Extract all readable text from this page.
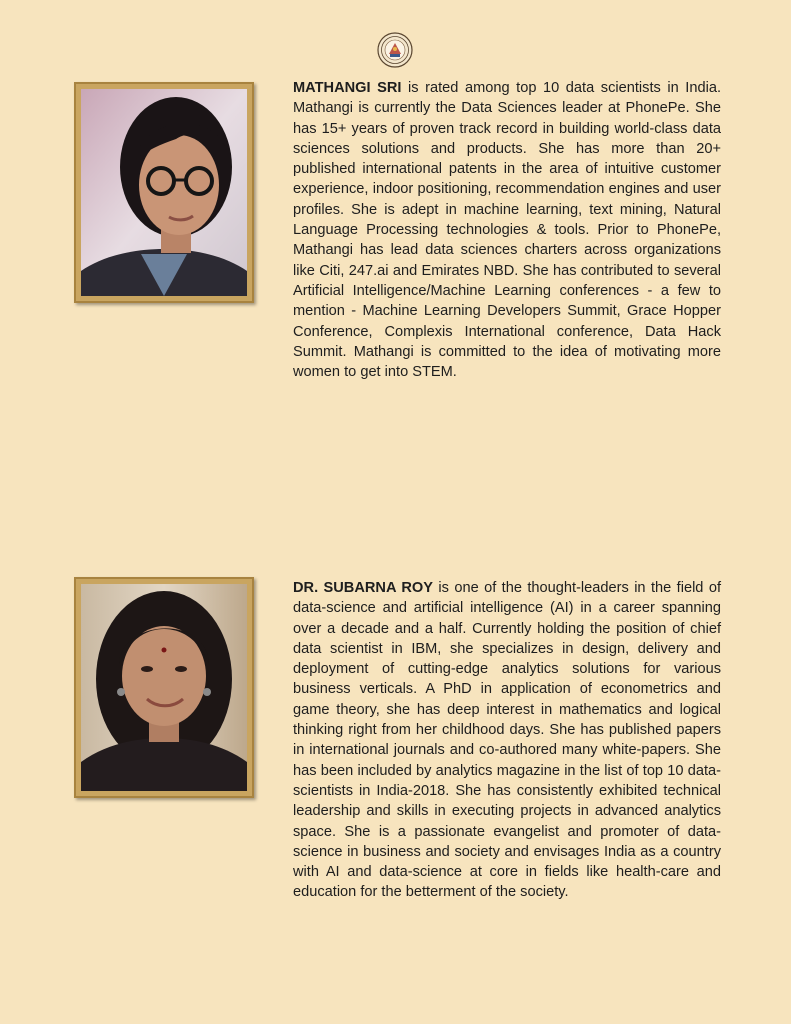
MATHANGI SRI is rated among top 10 data scientists in India. Mathangi is currently the Data Sciences leader at PhonePe. She has 15+ years of proven track record in building world-class data sciences solutions and products. She has more than 20+ published international patents in the area of intuitive customer experience, indoor positioning, recommendation engines and user profiles. She is adept in machine learning, text mining, Natural Language Processing technologies & tools. Prior to PhonePe, Mathangi has lead data sciences charters across organizations like Citi, 247.ai and Emirates NBD. She has contributed to several Artificial Intelligence/Machine Learning conferences - a few to mention - Machine Learning Developers Summit, Grace Hopper Conference, Complexis International conference, Data Hack Summit. Mathangi is committed to the idea of motivating more women to get into STEM.

DR. SUBARNA ROY is one of the thought-leaders in the field of data-science and artificial intelligence (AI) in a career spanning over a decade and a half. Currently holding the position of chief data scientist in IBM, she specializes in design, delivery and deployment of cutting-edge analytics solutions for various business verticals. A PhD in application of econometrics and game theory, she has deep interest in mathematics and logical thinking right from her childhood days. She has published papers in international journals and co-authored many white-papers. She has been included by analytics magazine in the list of top 10 data-scientists in India-2018. She has consistently exhibited technical leadership and skills in executing projects in advanced analytics space. She is a passionate evangelist and promoter of data-science in business and society and envisages India as a country with AI and data-science at core in fields like health-care and education for the betterment of the society.
